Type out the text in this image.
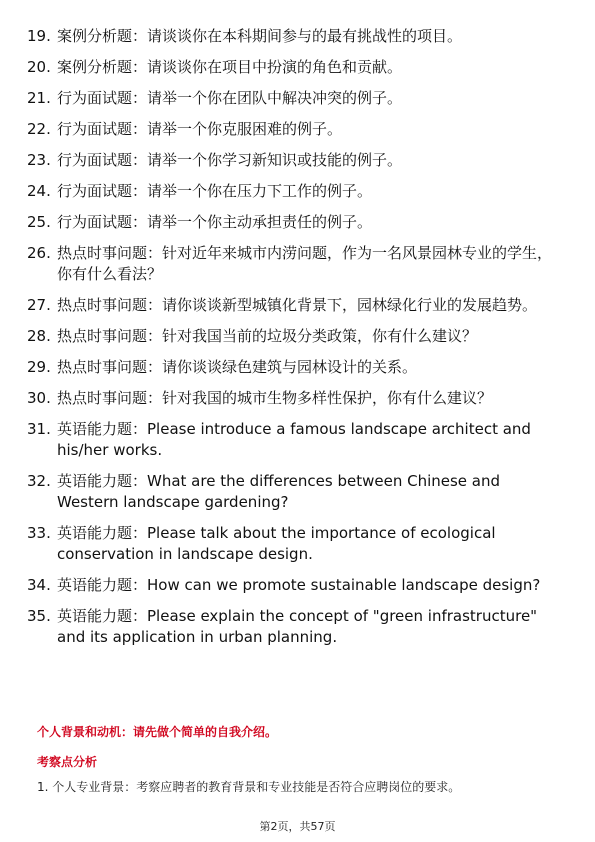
19. 案例分析题：请谈谈你在本科期间参与的最有挑战性的项目。
20. 案例分析题：请谈谈你在项目中扮演的角色和贡献。
21. 行为面试题：请举一个你在团队中解决冲突的例子。
22. 行为面试题：请举一个你克服困难的例子。
23. 行为面试题：请举一个你学习新知识或技能的例子。
24. 行为面试题：请举一个你在压力下工作的例子。
25. 行为面试题：请举一个你主动承担责任的例子。
26. 热点时事问题：针对近年来城市内涝问题，作为一名风景园林专业的学生，你有什么看法？
27. 热点时事问题：请你谈谈新型城镇化背景下，园林绿化行业的发展趋势。
28. 热点时事问题：针对我国当前的垃圾分类政策，你有什么建议？
29. 热点时事问题：请你谈谈绿色建筑与园林设计的关系。
30. 热点时事问题：针对我国的城市生物多样性保护，你有什么建议？
31. 英语能力题：Please introduce a famous landscape architect and his/her works.
32. 英语能力题：What are the differences between Chinese and Western landscape gardening?
33. 英语能力题：Please talk about the importance of ecological conservation in landscape design.
34. 英语能力题：How can we promote sustainable landscape design?
35. 英语能力题：Please explain the concept of "green infrastructure" and its application in urban planning.
个人背景和动机：请先做个简单的自我介绍。
考察点分析

1. 个人专业背景：考察应聘者的教育背景和专业技能是否符合应聘岗位的要求。

第2页，共57页
